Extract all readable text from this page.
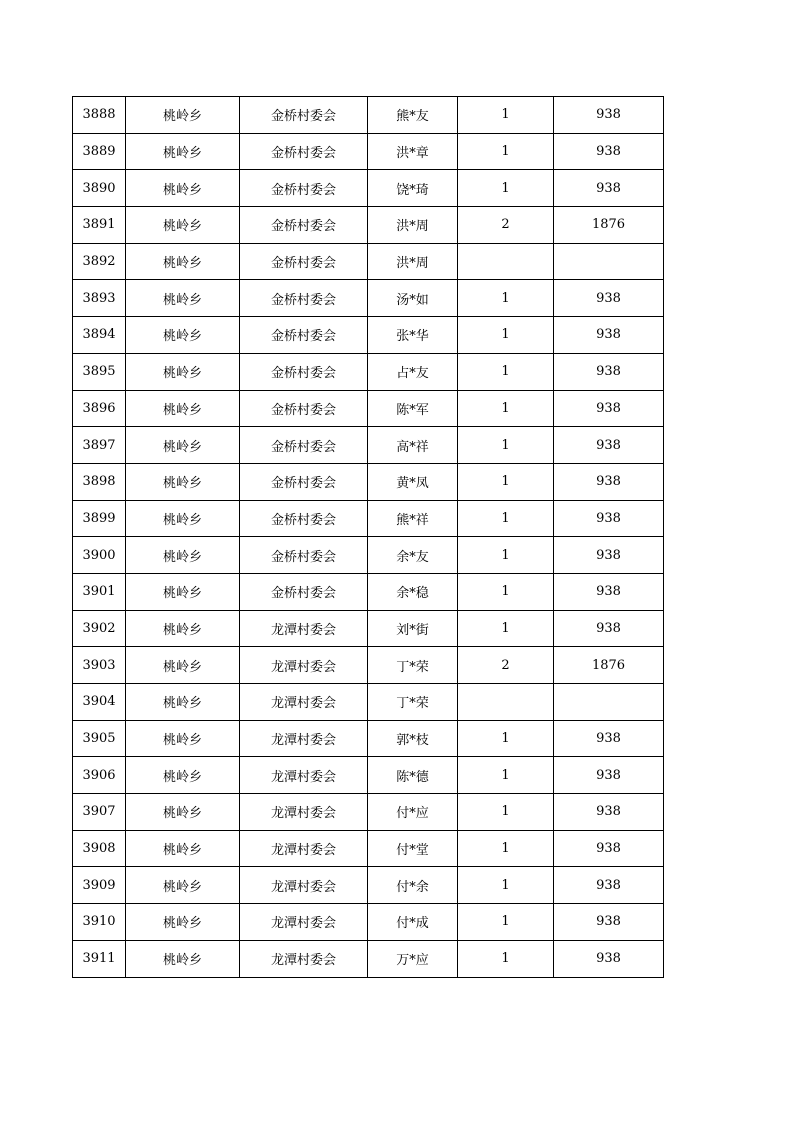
3888	桃岭乡	金桥村委会	熊*友	1	938
3889	桃岭乡	金桥村委会	洪*章	1	938
3890	桃岭乡	金桥村委会	饶*琦	1	938
3891	桃岭乡	金桥村委会	洪*周	2	1876
3892	桃岭乡	金桥村委会	洪*周		
3893	桃岭乡	金桥村委会	汤*如	1	938
3894	桃岭乡	金桥村委会	张*华	1	938
3895	桃岭乡	金桥村委会	占*友	1	938
3896	桃岭乡	金桥村委会	陈*军	1	938
3897	桃岭乡	金桥村委会	高*祥	1	938
3898	桃岭乡	金桥村委会	黄*凤	1	938
3899	桃岭乡	金桥村委会	熊*祥	1	938
3900	桃岭乡	金桥村委会	余*友	1	938
3901	桃岭乡	金桥村委会	余*稳	1	938
3902	桃岭乡	龙潭村委会	刘*街	1	938
3903	桃岭乡	龙潭村委会	丁*荣	2	1876
3904	桃岭乡	龙潭村委会	丁*荣		
3905	桃岭乡	龙潭村委会	郭*枝	1	938
3906	桃岭乡	龙潭村委会	陈*德	1	938
3907	桃岭乡	龙潭村委会	付*应	1	938
3908	桃岭乡	龙潭村委会	付*堂	1	938
3909	桃岭乡	龙潭村委会	付*余	1	938
3910	桃岭乡	龙潭村委会	付*成	1	938
3911	桃岭乡	龙潭村委会	万*应	1	938
